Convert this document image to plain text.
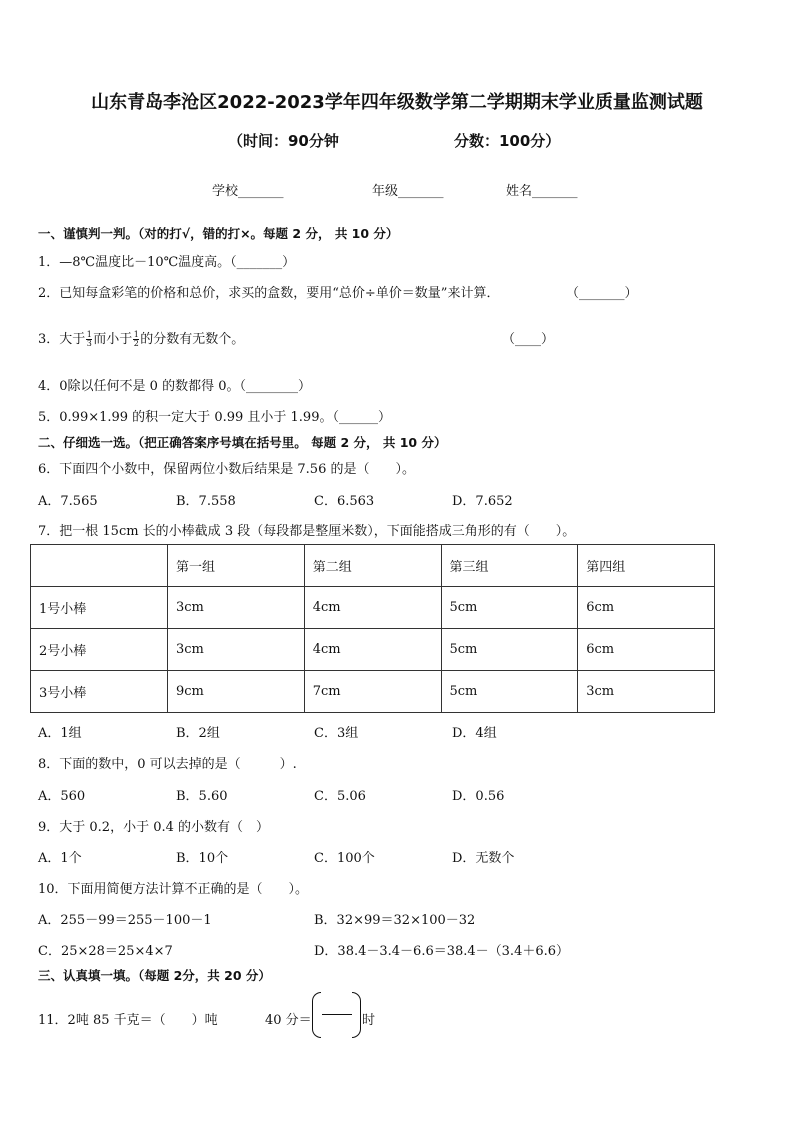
山东青岛李沧区2022-2023学年四年级数学第二学期期末学业质量监测试题
（时间：90分钟	分数：100分）
学校_______	年级_______	姓名_______
一、谨慎判一判。（对的打√，错的打×。每题 2 分， 共 10 分）
1．—8℃温度比－10℃温度高。（_______）
2．已知每盒彩笔的价格和总价，求买的盒数，要用“总价÷单价＝数量”来计算．	（_______）
3．大于 $\frac{1}{3}$ 而小于 $\frac{1}{2}$ 的分数有无数个。	（____）
4．0除以任何不是 0 的数都得 0。（________）
5．0.99×1.99 的积一定大于 0.99 且小于 1.99。（______）
二、仔细选一选。（把正确答案序号填在括号里。 每题 2 分， 共 10 分）
6．下面四个小数中，保留两位小数后结果是 7.56 的是（　　）。
A．7.565	B．7.558	C．6.563	D．7.652
7．把一根 15cm 长的小棒截成 3 段（每段都是整厘米数），下面能搭成三角形的有（　　）。
	第一组	第二组	第三组	第四组
1号小棒	3cm	4cm	5cm	6cm
2号小棒	3cm	4cm	5cm	6cm
3号小棒	9cm	7cm	5cm	3cm
A．1组	B．2组	C．3组	D．4组
8．下面的数中，0 可以去掉的是（　　　）.
A．560	B．5.60	C．5.06	D．0.56
9．大于 0.2，小于 0.4 的小数有（　）
A．1个	B．10个	C．100个	D．无数个
10．下面用简便方法计算不正确的是（　　）。
A．255－99＝255－100－1	B．32×99＝32×100－32
C．25×28＝25×4×7	D．38.4－3.4－6.6＝38.4－（3.4＋6.6）
三、认真填一填。（每题 2分，共 20 分）
11．2吨 85 千克＝（　　）吨	40 分＝	时
